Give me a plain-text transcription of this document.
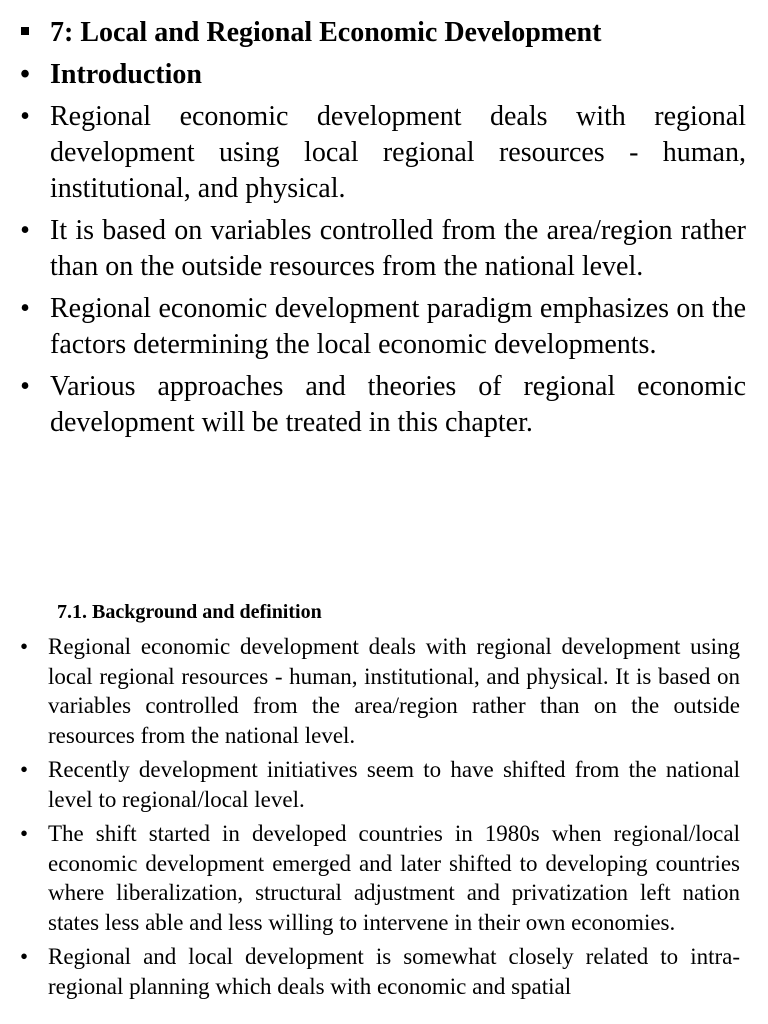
7: Local and Regional Economic Development
•
Introduction
•
Regional economic development deals with regional development using local regional resources - human, institutional, and physical.
•
It is based on variables controlled from the area/region rather than on the outside resources from the national level.
•
Regional economic development paradigm emphasizes on the factors determining the local economic developments.
•
Various approaches and theories of regional economic development will be treated in this chapter.
7.1. Background and definition
•
Regional economic development deals with regional development using local regional resources - human, institutional, and physical. It is based on variables controlled from the area/region rather than on the outside resources from the national level.
•
Recently development initiatives seem to have shifted from the national level to regional/local level.
•
The shift started in developed countries in 1980s when regional/local economic development emerged and later shifted to developing countries where liberalization, structural adjustment and privatization left nation states less able and less willing to intervene in their own economies.
•
Regional and local development is somewhat closely related to intra-regional planning which deals with economic and spatial
